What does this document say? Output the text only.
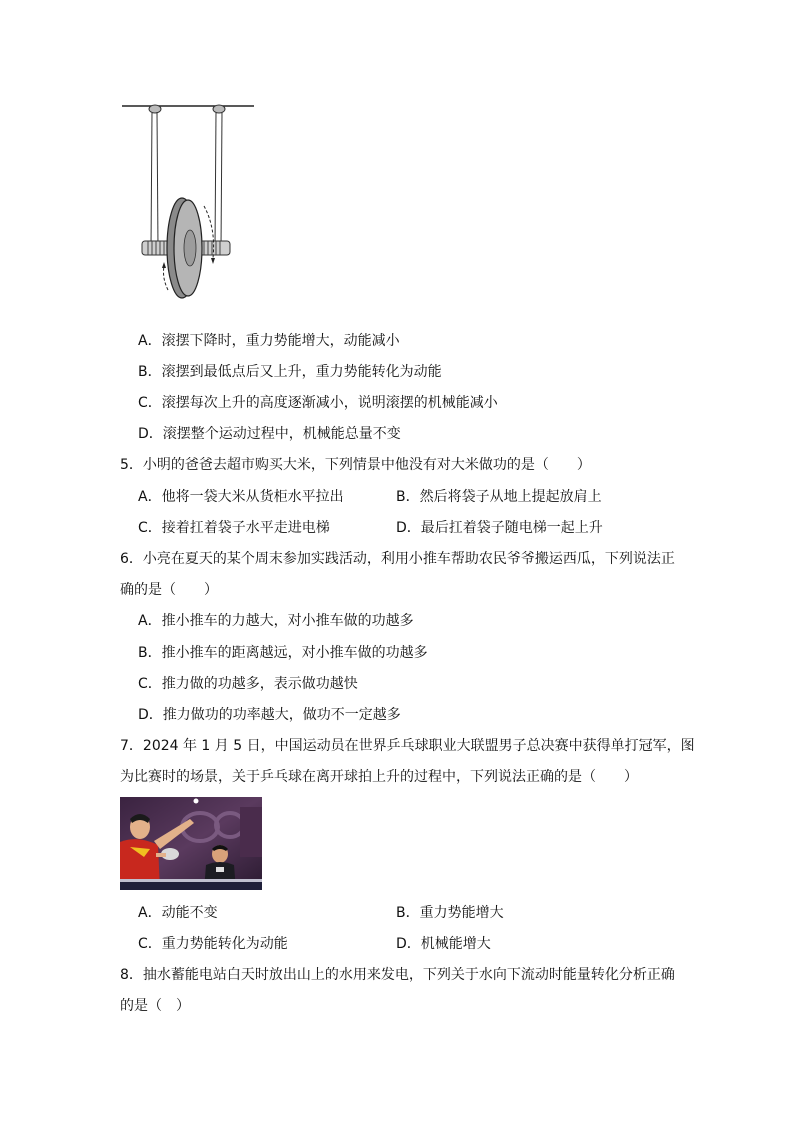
A．滚摆下降时，重力势能增大，动能减小
B．滚摆到最低点后又上升，重力势能转化为动能
C．滚摆每次上升的高度逐渐减小，说明滚摆的机械能减小
D．滚摆整个运动过程中，机械能总量不变
5．小明的爸爸去超市购买大米，下列情景中他没有对大米做功的是（　　）
A．他将一袋大米从货柜水平拉出	B．然后将袋子从地上提起放肩上
C．接着扛着袋子水平走进电梯	D．最后扛着袋子随电梯一起上升
6．小亮在夏天的某个周末参加实践活动，利用小推车帮助农民爷爷搬运西瓜，下列说法正
确的是（　　）
A．推小推车的力越大，对小推车做的功越多
B．推小推车的距离越远，对小推车做的功越多
C．推力做的功越多，表示做功越快
D．推力做功的功率越大，做功不一定越多
7．2024 年 1 月 5 日，中国运动员在世界乒乓球职业大联盟男子总决赛中获得单打冠军，图
为比赛时的场景，关于乒乓球在离开球拍上升的过程中，下列说法正确的是（　　）
A．动能不变	B．重力势能增大
C．重力势能转化为动能	D．机械能增大
8．抽水蓄能电站白天时放出山上的水用来发电，下列关于水向下流动时能量转化分析正确
的是（　）
